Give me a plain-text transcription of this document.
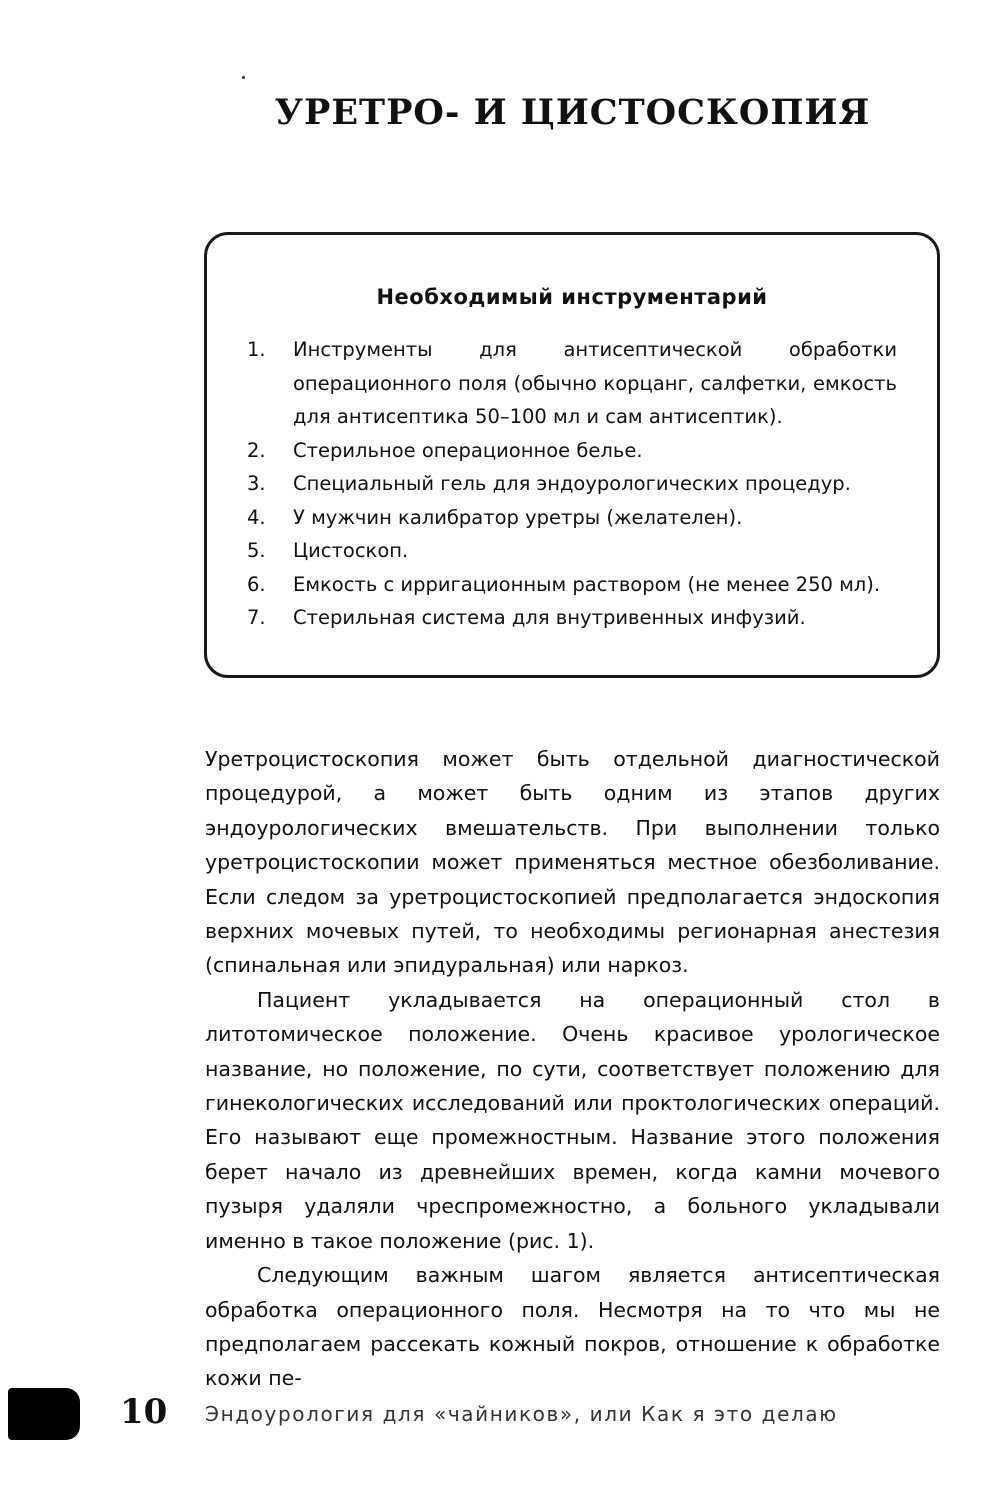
УРЕТРО- И ЦИСТОСКОПИЯ
Необходимый инструментарий
1. Инструменты для антисептической обработки операционного поля (обычно корцанг, салфетки, емкость для антисептика 50–100 мл и сам антисептик).
2. Стерильное операционное белье.
3. Специальный гель для эндоурологических процедур.
4. У мужчин калибратор уретры (желателен).
5. Цистоскоп.
6. Емкость с ирригационным раствором (не менее 250 мл).
7. Стерильная система для внутривенных инфузий.

Уретроцистоскопия может быть отдельной диагностической процедурой, а может быть одним из этапов других эндоурологических вмешательств. При выполнении только уретроцистоскопии может применяться местное обезболивание. Если следом за уретроцистоскопией предполагается эндоскопия верхних мочевых путей, то необходимы регионарная анестезия (спинальная или эпидуральная) или наркоз.

Пациент укладывается на операционный стол в литотомическое положение. Очень красивое урологическое название, но положение, по сути, соответствует положению для гинекологических исследований или проктологических операций. Его называют еще промежностным. Название этого положения берет начало из древнейших времен, когда камни мочевого пузыря удаляли чреспромежностно, а больного укладывали именно в такое положение (рис. 1).

Следующим важным шагом является антисептическая обработка операционного поля. Несмотря на то что мы не предполагаем рассекать кожный покров, отношение к обработке кожи пе-

10 Эндоурология для «чайников», или Как я это делаю
